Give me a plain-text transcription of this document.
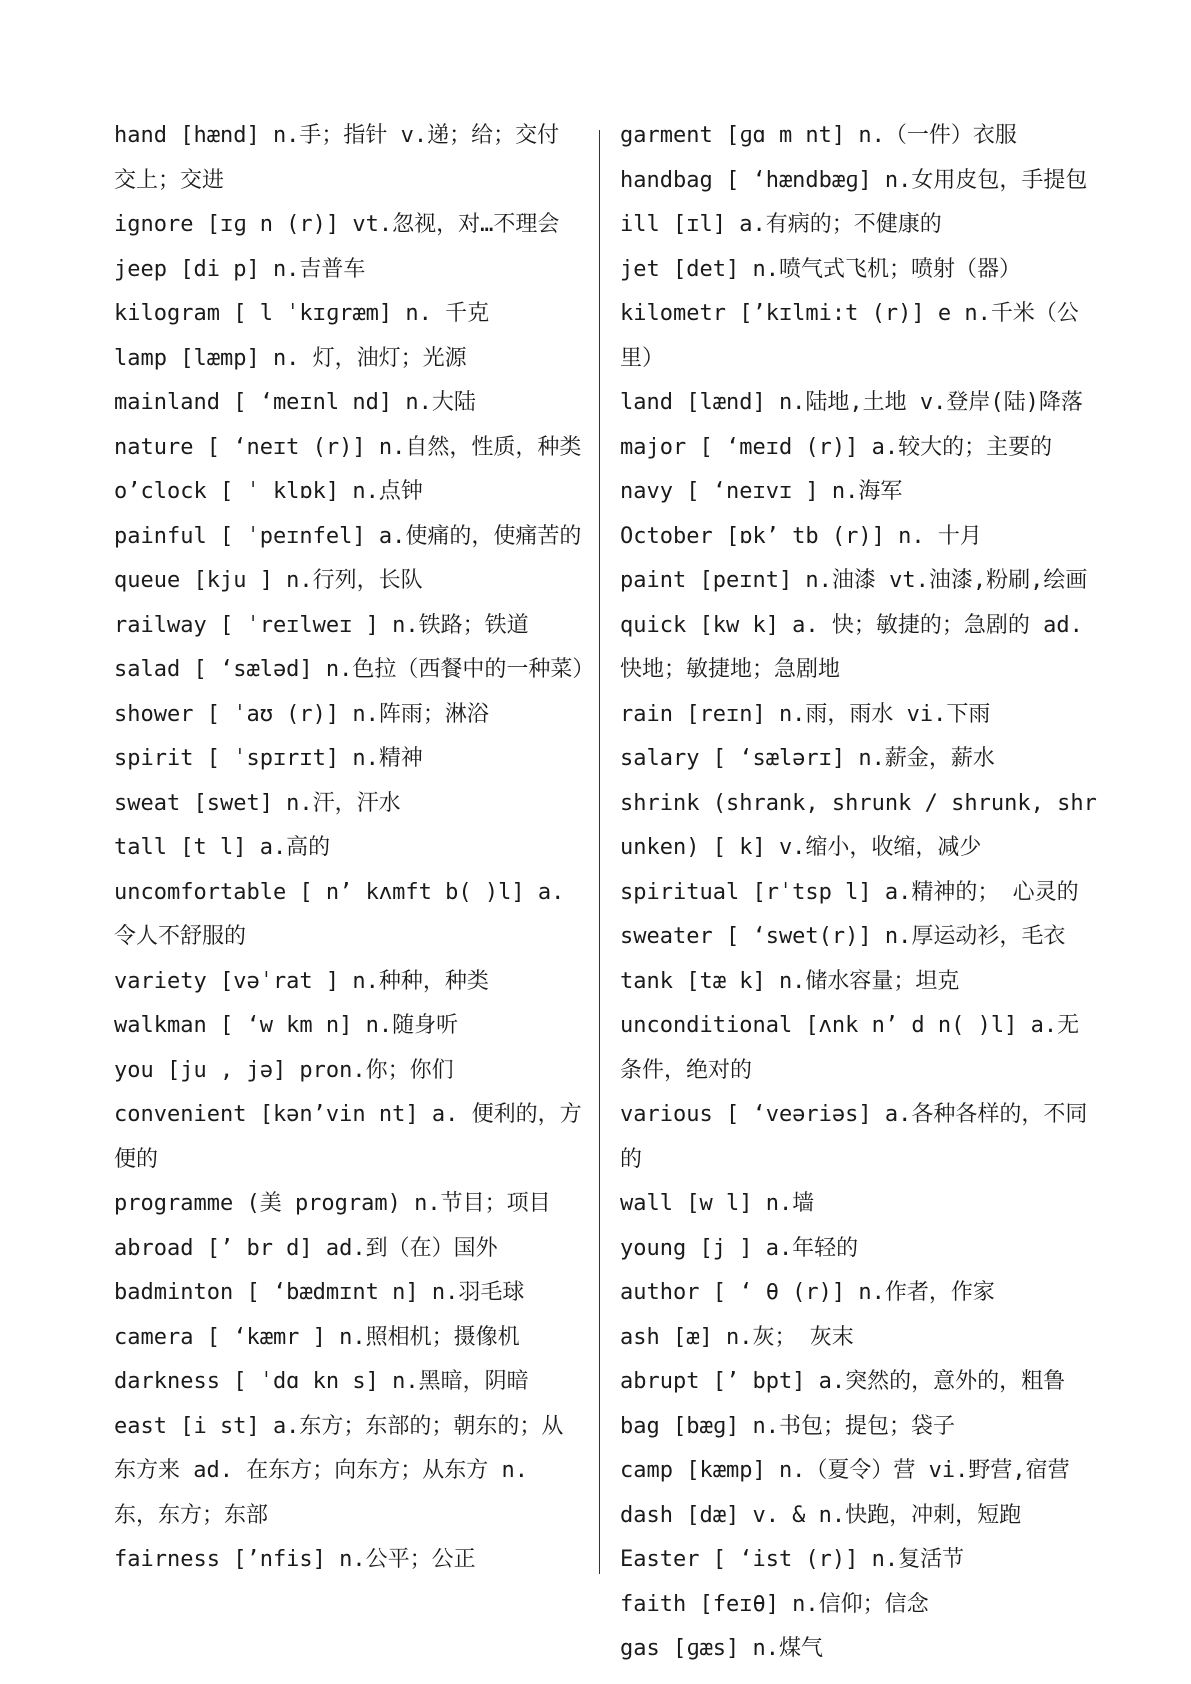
hand [hænd] n.手；指针 v.递；给；交付 交上；交进
ignore [ɪɡ n (r)] vt.忽视，对…不理会
jeep [di p] n.吉普车
kilogram [ l ˈkɪɡræm] n. 千克
lamp [læmp] n. 灯，油灯；光源
mainland [ ‘meɪnl nd] n.大陆
nature [ ‘neɪt (r)] n.自然，性质，种类
o’clock [ ˈ klɒk] n.点钟
painful [ ˈpeɪnfel] a.使痛的，使痛苦的
queue [kju ] n.行列，长队
railway [ ˈreɪlweɪ ] n.铁路；铁道
salad [ ‘sæləd] n.色拉（西餐中的一种菜）
shower [ ˈaʊ (r)] n.阵雨；淋浴
spirit [ ˈspɪrɪt] n.精神
sweat [swet] n.汗，汗水
tall [t l] a.高的
uncomfortable [ n’ kʌmft b( )l] a. 令人不舒服的
variety [vəˈrat ] n.种种，种类
walkman [ ‘w km n] n.随身听
you [ju , jə] pron.你；你们
convenient [kən’vin nt] a. 便利的，方便的
programme (美 program) n.节目；项目
abroad [’ br d] ad.到（在）国外
badminton [ ‘bædmɪnt n] n.羽毛球
camera [ ‘kæmr ] n.照相机；摄像机
darkness [ ˈdɑ kn s] n.黑暗，阴暗
east [i st] a.东方；东部的；朝东的；从东方来 ad. 在东方；向东方；从东方 n. 东，东方；东部
fairness [’nfis] n.公平；公正
garment [ɡɑ m nt] n.（一件）衣服
handbag [ ‘hændbæɡ] n.女用皮包，手提包
ill [ɪl] a.有病的；不健康的
jet [det] n.喷气式飞机；喷射（器）
kilometr [’kɪlmi:t (r)] e n.千米（公里）
land [lænd] n.陆地,土地 v.登岸(陆)降落
major [ ‘meɪd (r)] a.较大的；主要的
navy [ ‘neɪvɪ ] n.海军
October [ɒk’ tb (r)] n. 十月
paint [peɪnt] n.油漆 vt.油漆,粉刷,绘画
quick [kw k] a. 快；敏捷的；急剧的 ad. 快地；敏捷地；急剧地
rain [reɪn] n.雨，雨水 vi.下雨
salary [ ‘sælərɪ] n.薪金，薪水
shrink (shrank, shrunk / shrunk, shrunken) [ k] v.缩小，收缩，减少
spiritual [rˈtsp l] a.精神的； 心灵的
sweater [ ‘swet(r)] n.厚运动衫，毛衣
tank [tæ k] n.储水容量；坦克
unconditional [ʌnk n’ d n( )l] a.无条件，绝对的
various [ ‘veəriəs] a.各种各样的，不同的
wall [w l] n.墙
young [j ] a.年轻的
author [ ‘ θ (r)] n.作者，作家
ash [æ] n.灰； 灰末
abrupt [’ bpt] a.突然的，意外的，粗鲁
bag [bæɡ] n.书包；提包；袋子
camp [kæmp] n.（夏令）营 vi.野营,宿营
dash [dæ] v. & n.快跑，冲刺，短跑
Easter [ ‘ist (r)] n.复活节
faith [feɪθ] n.信仰；信念
gas [ɡæs] n.煤气
